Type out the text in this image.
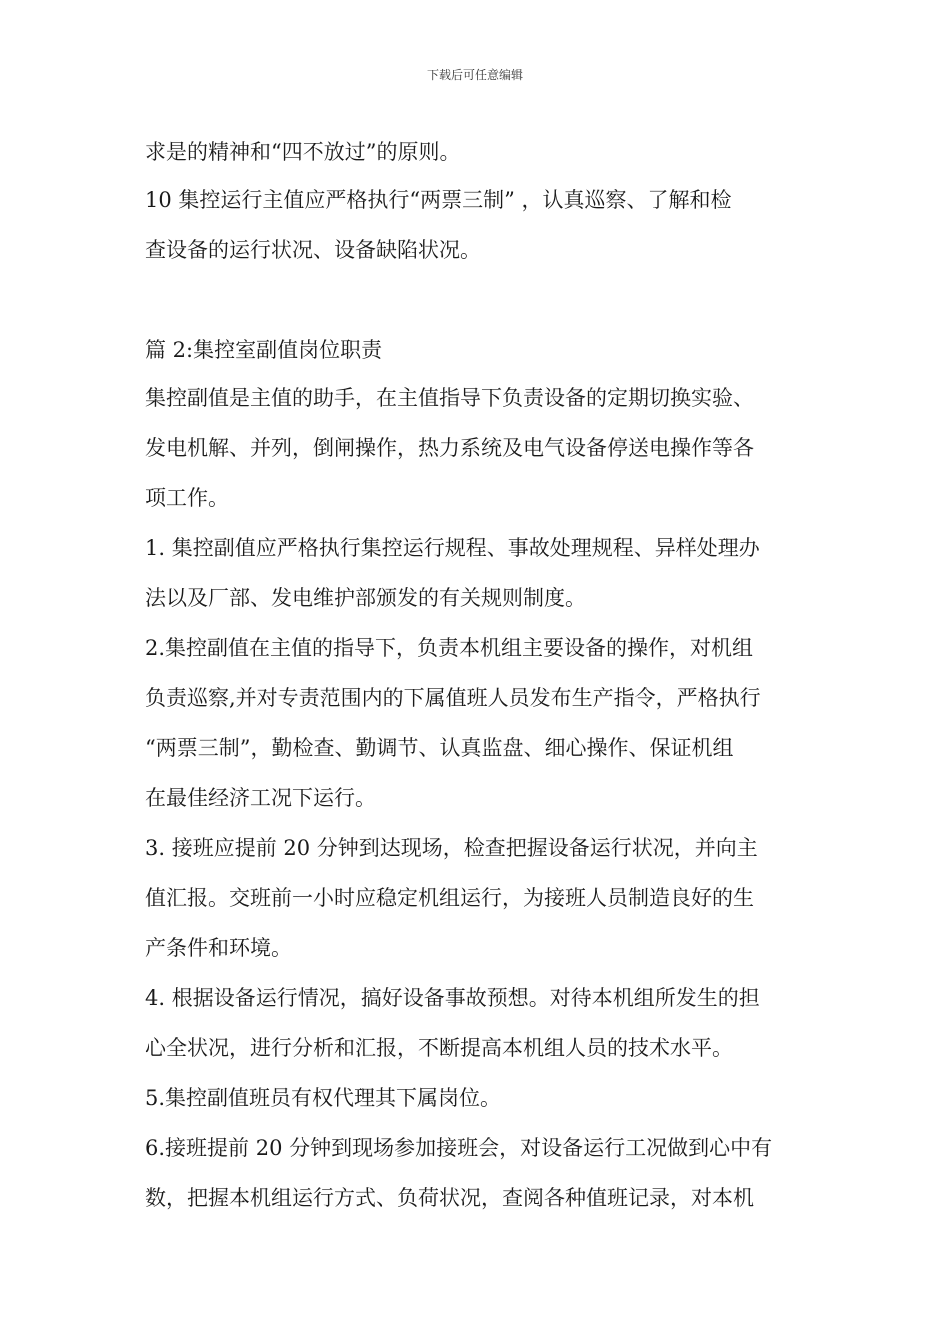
下载后可任意编辑
求是的精神和“四不放过”的原则。
10 集控运行主值应严格执行“两票三制” ，认真巡察、了解和检
查设备的运行状况、设备缺陷状况。
篇 2:集控室副值岗位职责
集控副值是主值的助手，在主值指导下负责设备的定期切换实验、
发电机解、并列，倒闸操作，热力系统及电气设备停送电操作等各
项工作。
1. 集控副值应严格执行集控运行规程、事故处理规程、异样处理办
法以及厂部、发电维护部颁发的有关规则制度。
2.集控副值在主值的指导下，负责本机组主要设备的操作，对机组
负责巡察,并对专责范围内的下属值班人员发布生产指令，严格执行
“两票三制”，勤检查、勤调节、认真监盘、细心操作、保证机组
在最佳经济工况下运行。
3. 接班应提前 20 分钟到达现场，检查把握设备运行状况，并向主
值汇报。交班前一小时应稳定机组运行，为接班人员制造良好的生
产条件和环境。
4. 根据设备运行情况，搞好设备事故预想。对待本机组所发生的担
心全状况，进行分析和汇报，不断提高本机组人员的技术水平。
5.集控副值班员有权代理其下属岗位。
6.接班提前 20 分钟到现场参加接班会，对设备运行工况做到心中有
数，把握本机组运行方式、负荷状况，查阅各种值班记录，对本机
